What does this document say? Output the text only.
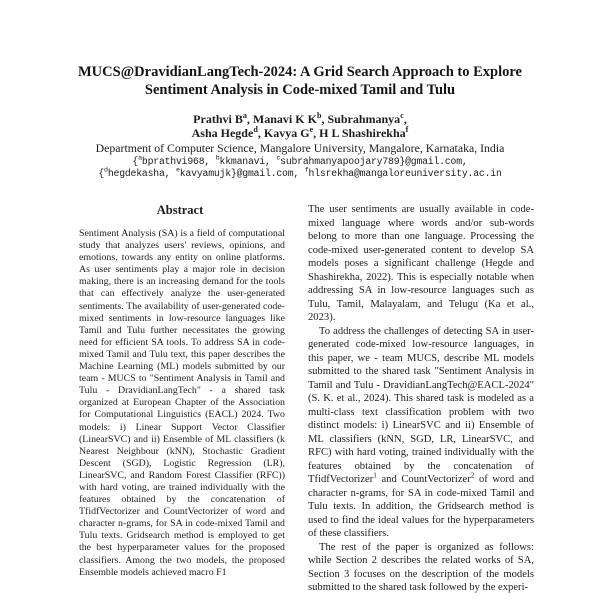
MUCS@DravidianLangTech-2024: A Grid Search Approach to Explore
Sentiment Analysis in Code-mixed Tamil and Tulu
Prathvi $B^a$, Manavi K $K^b$, Subrahmanya$^c$,
Asha Hegde$^d$, Kavya $G^e$, H L Shashirekha$^f$
Department of Computer Science, Mangalore University, Mangalore, Karnataka, India
{$^a$bprathvi968, $^b$kkmanavi, $^c$subrahmanyapoojary789}@gmail.com,
{$^d$hegdekasha, $^e$kavyamujk}@gmail.com, $^f$hlsrekha@mangaloreuniversity.ac.in
Abstract
Sentiment Analysis (SA) is a field of computational study that analyzes users' reviews, opinions, and emotions, towards any entity on online platforms. As user sentiments play a major role in decision making, there is an increasing demand for the tools that can effectively analyze the user-generated sentiments. The availability of user-generated code-mixed sentiments in low-resource languages like Tamil and Tulu further necessitates the growing need for efficient SA tools. To address SA in code-mixed Tamil and Tulu text, this paper describes the Machine Learning (ML) models submitted by our team - MUCS to "Sentiment Analysis in Tamil and Tulu - DravidianLangTech" - a shared task organized at European Chapter of the Association for Computational Linguistics (EACL) 2024. Two models: i) Linear Support Vector Classifier (LinearSVC) and ii) Ensemble of ML classifiers (k Nearest Neighbour (kNN), Stochastic Gradient Descent (SGD), Logistic Regression (LR), LinearSVC, and Random Forest Classifier (RFC)) with hard voting, are trained individually with the features obtained by the concatenation of TfidfVectorizer and CountVectorizer of word and character n-grams, for SA in code-mixed Tamil and Tulu texts. Gridsearch method is employed to get the best hyperparameter values for the proposed classifiers. Among the two models, the proposed Ensemble models achieved macro F1

The user sentiments are usually available in code-mixed language where words and/or sub-words belong to more than one language. Processing the code-mixed user-generated content to develop SA models poses a significant challenge (Hegde and Shashirekha, 2022). This is especially notable when addressing SA in low-resource languages such as Tulu, Tamil, Malayalam, and Telugu (Ka et al., 2023).

To address the challenges of detecting SA in user-generated code-mixed low-resource languages, in this paper, we - team MUCS, describe ML models submitted to the shared task "Sentiment Analysis in Tamil and Tulu - DravidianLangTech@EACL-2024" (S. K. et al., 2024). This shared task is modeled as a multi-class text classification problem with two distinct models: i) LinearSVC and ii) Ensemble of ML classifiers (kNN, SGD, LR, LinearSVC, and RFC) with hard voting, trained individually with the features obtained by the concatenation of TfidfVectorizer$^1$ and CountVectorizer$^2$ of word and character n-grams, for SA in code-mixed Tamil and Tulu texts. In addition, the Gridsearch method is used to find the ideal values for the hyperparameters of these classifiers.

The rest of the paper is organized as follows: while Section 2 describes the related works of SA, Section 3 focuses on the description of the models submitted to the shared task followed by the experi-
